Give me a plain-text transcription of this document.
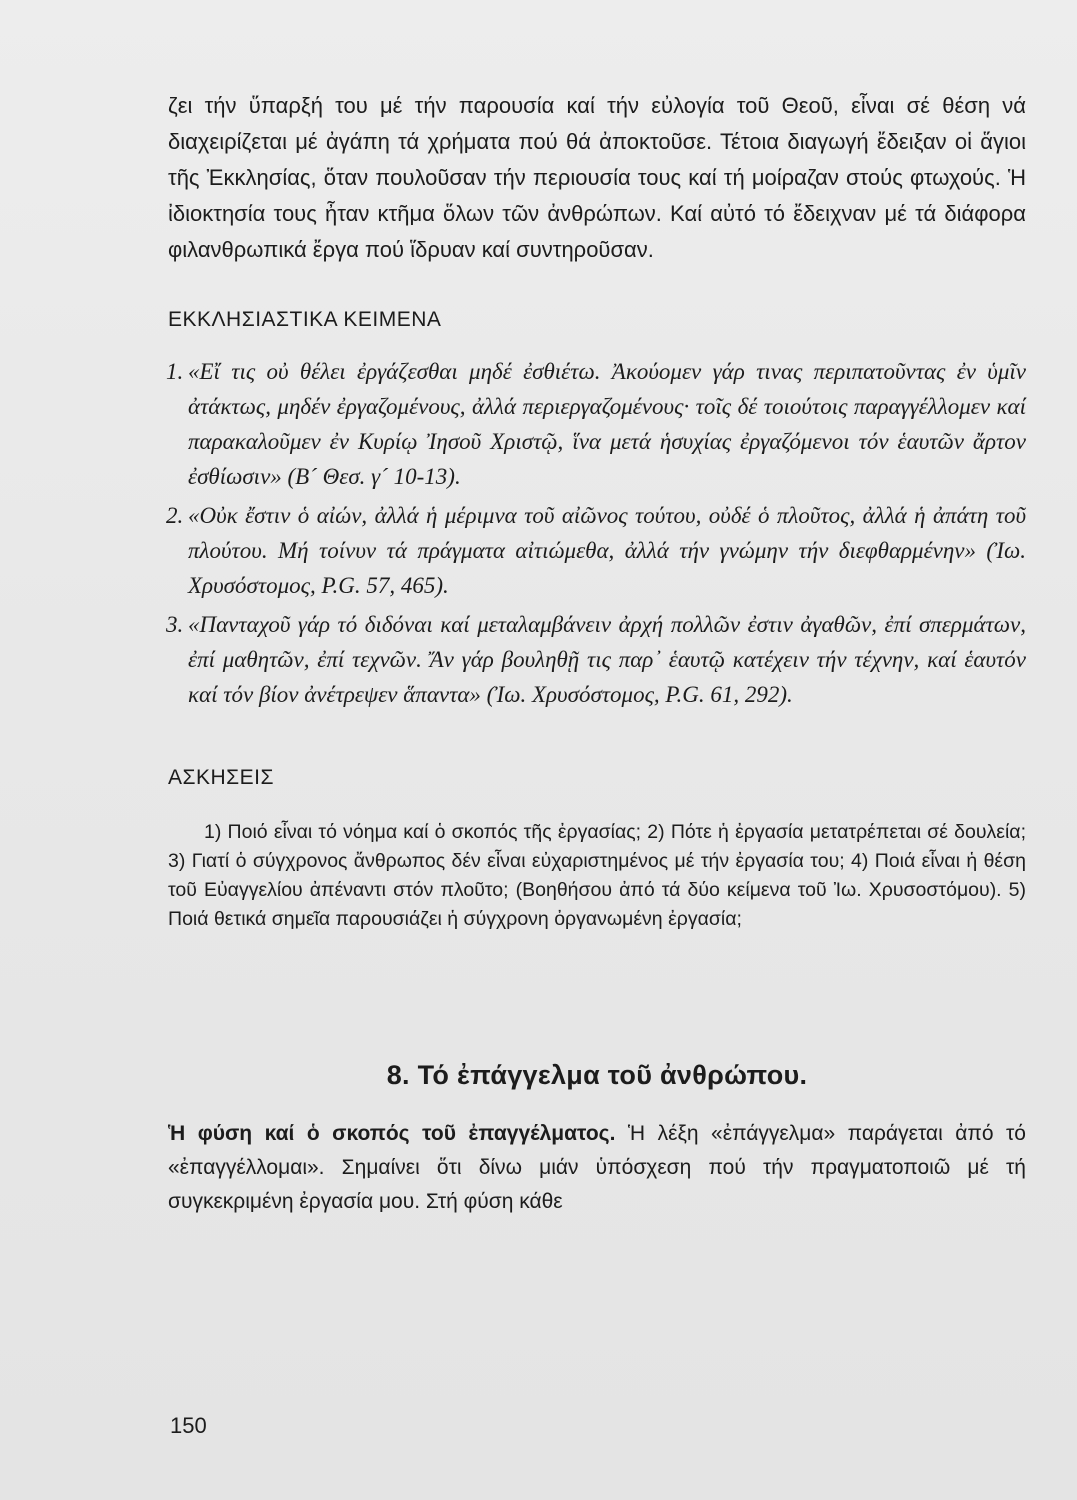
ζει τήν ὕπαρξή του μέ τήν παρουσία καί τήν εὐλογία τοῦ Θεοῦ, εἶναι σέ θέση νά διαχειρίζεται μέ ἀγάπη τά χρήματα πού θά ἀποκτοῦσε. Τέτοια διαγωγή ἔδειξαν οἱ ἅγιοι τῆς Ἐκκλησίας, ὅταν πουλοῦσαν τήν περιουσία τους καί τή μοίραζαν στούς φτωχούς. Ἡ ἰδιοκτησία τους ἦταν κτῆμα ὅλων τῶν ἀνθρώπων. Καί αὐτό τό ἔδειχναν μέ τά διάφορα φιλανθρωπικά ἔργα πού ἵδρυαν καί συντηροῦσαν.

ΕΚΚΛΗΣΙΑΣΤΙΚΑ ΚΕΙΜΕΝΑ
1. «Εἴ τις οὐ θέλει ἐργάζεσθαι μηδέ ἐσθιέτω. Ἀκούομεν γάρ τινας περιπατοῦντας ἐν ὑμῖν ἀτάκτως, μηδέν ἐργαζομένους, ἀλλά περιεργαζομένους· τοῖς δέ τοιούτοις παραγγέλλομεν καί παρακαλοῦμεν ἐν Κυρίῳ Ἰησοῦ Χριστῷ, ἵνα μετά ἡσυχίας ἐργαζόμενοι τόν ἑαυτῶν ἄρτον ἐσθίωσιν» (Β´ Θεσ. γ´ 10-13).
2. «Οὐκ ἔστιν ὁ αἰών, ἀλλά ἡ μέριμνα τοῦ αἰῶνος τούτου, οὐδέ ὁ πλοῦτος, ἀλλά ἡ ἀπάτη τοῦ πλούτου. Μή τοίνυν τά πράγματα αἰτιώμεθα, ἀλλά τήν γνώμην τήν διεφθαρμένην» (Ἰω. Χρυσόστομος, P.G. 57, 465).
3. «Πανταχοῦ γάρ τό διδόναι καί μεταλαμβάνειν ἀρχή πολλῶν ἐστιν ἀγαθῶν, ἐπί σπερμάτων, ἐπί μαθητῶν, ἐπί τεχνῶν. Ἄν γάρ βουληθῇ τις παρ᾽ ἑαυτῷ κατέχειν τήν τέχνην, καί ἑαυτόν καί τόν βίον ἀνέτρεψεν ἅπαντα» (Ἰω. Χρυσόστομος, P.G. 61, 292).
ΑΣΚΗΣΕΙΣ

1) Ποιό εἶναι τό νόημα καί ὁ σκοπός τῆς ἐργασίας; 2) Πότε ἡ ἐργασία μετατρέπεται σέ δουλεία; 3) Γιατί ὁ σύγχρονος ἄνθρωπος δέν εἶναι εὐχαριστημένος μέ τήν ἐργασία του; 4) Ποιά εἶναι ἡ θέση τοῦ Εὐαγγελίου ἀπέναντι στόν πλοῦτο; (Βοηθήσου ἀπό τά δύο κείμενα τοῦ Ἰω. Χρυσοστόμου). 5) Ποιά θετικά σημεῖα παρουσιάζει ἡ σύγχρονη ὀργανωμένη ἐργασία;

8. Τό ἐπάγγελμα τοῦ ἀνθρώπου.

Ἡ φύση καί ὁ σκοπός τοῦ ἐπαγγέλματος. Ἡ λέξη «ἐπάγγελμα» παράγεται ἀπό τό «ἐπαγγέλλομαι». Σημαίνει ὅτι δίνω μιάν ὑπόσχεση πού τήν πραγματοποιῶ μέ τή συγκεκριμένη ἐργασία μου. Στή φύση κάθε

150
